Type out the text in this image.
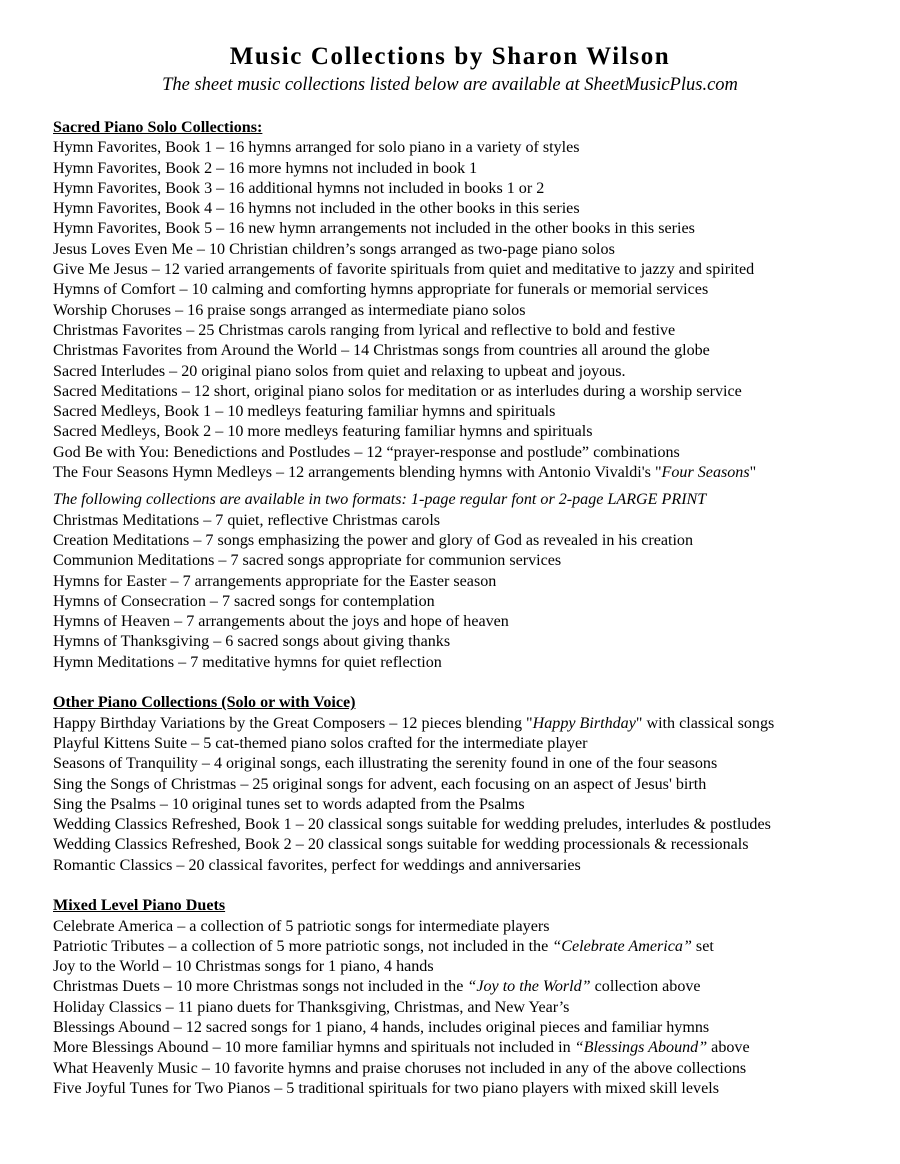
Music Collections by Sharon Wilson
The sheet music collections listed below are available at SheetMusicPlus.com
Sacred Piano Solo Collections:
Hymn Favorites, Book 1 – 16 hymns arranged for solo piano in a variety of styles
Hymn Favorites, Book 2 – 16 more hymns not included in book 1
Hymn Favorites, Book 3 – 16 additional hymns not included in books 1 or 2
Hymn Favorites, Book 4 – 16 hymns not included in the other books in this series
Hymn Favorites, Book 5 – 16 new hymn arrangements not included in the other books in this series
Jesus Loves Even Me – 10 Christian children’s songs arranged as two-page piano solos
Give Me Jesus – 12 varied arrangements of favorite spirituals from quiet and meditative to jazzy and spirited
Hymns of Comfort – 10 calming and comforting hymns appropriate for funerals or memorial services
Worship Choruses – 16 praise songs arranged as intermediate piano solos
Christmas Favorites – 25 Christmas carols ranging from lyrical and reflective to bold and festive
Christmas Favorites from Around the World – 14 Christmas songs from countries all around the globe
Sacred Interludes – 20 original piano solos from quiet and relaxing to upbeat and joyous.
Sacred Meditations – 12 short, original piano solos for meditation or as interludes during a worship service
Sacred Medleys, Book 1 – 10 medleys featuring familiar hymns and spirituals
Sacred Medleys, Book 2 – 10 more medleys featuring familiar hymns and spirituals
God Be with You: Benedictions and Postludes – 12 “prayer-response and postlude” combinations
The Four Seasons Hymn Medleys – 12 arrangements blending hymns with Antonio Vivaldi's "Four Seasons"
The following collections are available in two formats: 1-page regular font or 2-page LARGE PRINT
Christmas Meditations – 7 quiet, reflective Christmas carols
Creation Meditations – 7 songs emphasizing the power and glory of God as revealed in his creation
Communion Meditations – 7 sacred songs appropriate for communion services
Hymns for Easter – 7 arrangements appropriate for the Easter season
Hymns of Consecration – 7 sacred songs for contemplation
Hymns of Heaven – 7 arrangements about the joys and hope of heaven
Hymns of Thanksgiving – 6 sacred songs about giving thanks
Hymn Meditations – 7 meditative hymns for quiet reflection
Other Piano Collections (Solo or with Voice)
Happy Birthday Variations by the Great Composers – 12 pieces blending "Happy Birthday" with classical songs
Playful Kittens Suite – 5 cat-themed piano solos crafted for the intermediate player
Seasons of Tranquility – 4 original songs, each illustrating the serenity found in one of the four seasons
Sing the Songs of Christmas – 25 original songs for advent, each focusing on an aspect of Jesus' birth
Sing the Psalms – 10 original tunes set to words adapted from the Psalms
Wedding Classics Refreshed, Book 1 – 20 classical songs suitable for wedding preludes, interludes & postludes
Wedding Classics Refreshed, Book 2 – 20 classical songs suitable for wedding processionals & recessionals
Romantic Classics – 20 classical favorites, perfect for weddings and anniversaries
Mixed Level Piano Duets
Celebrate America – a collection of 5 patriotic songs for intermediate players
Patriotic Tributes – a collection of 5 more patriotic songs, not included in the “Celebrate America” set
Joy to the World – 10 Christmas songs for 1 piano, 4 hands
Christmas Duets – 10 more Christmas songs not included in the “Joy to the World” collection above
Holiday Classics – 11 piano duets for Thanksgiving, Christmas, and New Year’s
Blessings Abound – 12 sacred songs for 1 piano, 4 hands, includes original pieces and familiar hymns
More Blessings Abound – 10 more familiar hymns and spirituals not included in “Blessings Abound” above
What Heavenly Music – 10 favorite hymns and praise choruses not included in any of the above collections
Five Joyful Tunes for Two Pianos – 5 traditional spirituals for two piano players with mixed skill levels
